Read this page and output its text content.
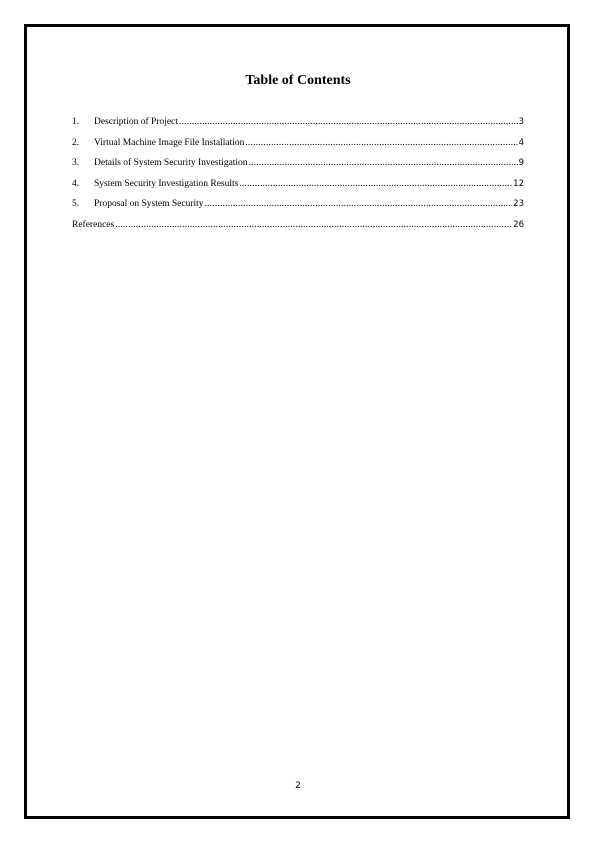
Table of Contents
1.	Description of Project .....	3
2.	Virtual Machine Image File Installation .....	4
3.	Details of System Security Investigation .....	9
4.	System Security Investigation Results .....	12
5.	Proposal on System Security .....	23
References .....	26
2
